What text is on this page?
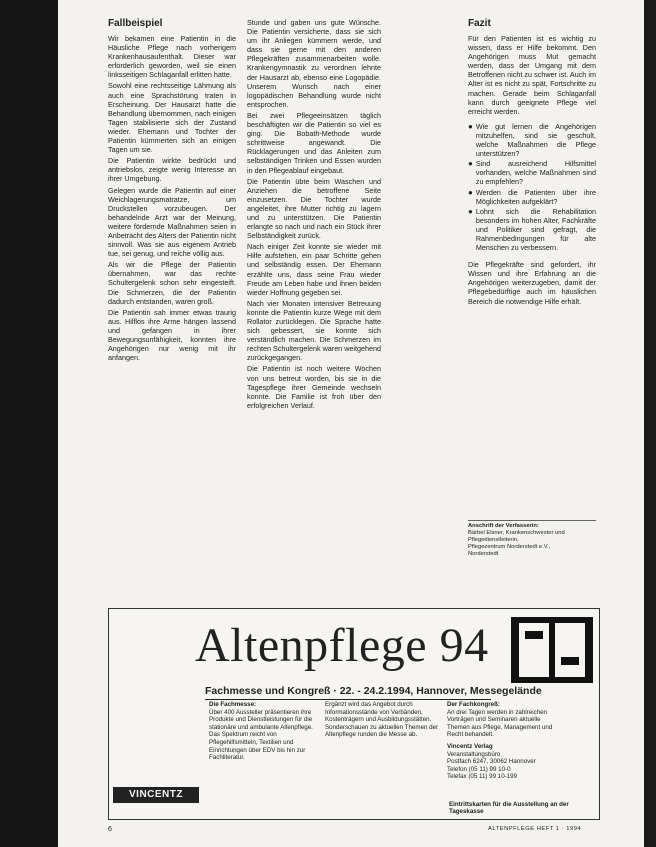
Fallbeispiel

Wir bekamen eine Patientin in die Häusliche Pflege nach vorherigem Krankenhausaufenthalt. Dieser war erforderlich geworden, weil sie einen linksseitigen Schlaganfall erlitten hatte.

Sowohl eine rechtsseitige Lähmung als auch eine Sprachstörung traten in Erscheinung. Der Hausarzt hatte die Behandlung übernommen, nach einigen Tagen stabilisierte sich der Zustand wieder. Ehemann und Tochter der Patientin kümmerten sich an einigen Tagen um sie.

Die Patientin wirkte bedrückt und antriebslos, zeigte wenig Interesse an ihrer Umgebung.

Gelegen wurde die Patientin auf einer Weichlagerungsmatratze, um Druckstellen vorzubeugen. Der behandelnde Arzt war der Meinung, weitere fördernde Maßnahmen seien in Anbetracht des Alters der Patientin nicht sinnvoll. Was sie aus eigenem Antrieb tue, sei genug, und reiche völlig aus.

Als wir die Pflege der Patientin übernahmen, war das rechte Schultergelenk schon sehr eingesteift. Die Schmerzen, die der Patientin dadurch entstanden, waren groß.

Die Patientin sah immer etwas traurig aus. Hilflos ihre Arme hängen lassend und gefangen in ihrer Bewegungsunfähigkeit, konnten ihre Angehörigen nur wenig mit ihr anfangen.

Stunde und gaben uns gute Wünsche. Die Patientin versicherte, dass sie sich um ihr Anliegen kümmern werde, und dass sie gerne mit den anderen Pflegekräften zusammenarbeiten wolle. Krankengymnastik zu verordnen lehnte der Hausarzt ab, ebenso eine Logopädie. Unserem Wunsch nach einer logopädischen Behandlung wurde nicht entsprochen.

Bei zwei Pflegeeinsätzen täglich beschäftigten wir die Patientin so viel es ging. Die Bobath-Methode wurde schrittweise angewandt. Die Rücklagerungen und das Anleiten zum selbständigen Trinken und Essen wurden in den Pflegeablauf eingebaut.

Die Patientin übte beim Waschen und Anziehen die betroffene Seite einzusetzen. Die Tochter wurde angeleitet, ihre Mutter richtig zu lagern und zu unterstützen. Die Patientin erlangte so nach und nach ein Stück ihrer Selbständigkeit zurück.

Nach einiger Zeit konnte sie wieder mit Hilfe aufstehen, ein paar Schritte gehen und selbständig essen. Der Ehemann erzählte uns, dass seine Frau wieder Freude am Leben habe und ihnen beiden wieder Hoffnung gegeben sei.

Nach vier Monaten intensiver Betreuung konnte die Patientin kurze Wege mit dem Rollator zurücklegen. Die Sprache hatte sich gebessert, sie konnte sich verständlich machen. Die Schmerzen im rechten Schultergelenk waren weitgehend zurückgegangen.

Die Patientin ist noch weitere Wochen von uns betreut worden, bis sie in die Tagespflege ihrer Gemeinde wechseln konnte. Die Familie ist froh über den erfolgreichen Verlauf.

Fazit

Für den Patienten ist es wichtig zu wissen, dass er Hilfe bekommt. Den Angehörigen muss Mut gemacht werden, dass der Umgang mit dem Betroffenen nicht zu schwer ist. Auch im Alter ist es nicht zu spät, Fortschritte zu machen. Gerade beim Schlaganfall kann durch geeignete Pflege viel erreicht werden.

● Wie gut lernen die Angehörigen mitzuhelfen, sind sie geschult, welche Maßnahmen die Pflege unterstützen?
● Sind ausreichend Hilfsmittel vorhanden, welche Maßnahmen sind zu empfehlen?
● Werden die Patienten über ihre Möglichkeiten aufgeklärt?
● Lohnt sich die Rehabilitation besonders im hohen Alter, Fachkräfte und Politiker sind gefragt, die Rahmenbedingungen für alte Menschen zu verbessern.

Die Pflegekräfte sind gefordert, ihr Wissen und ihre Erfahrung an die Angehörigen weiterzugeben, damit der Pflegebedürftige auch im häuslichen Bereich die notwendige Hilfe erhält.

Anschrift der Verfasserin:
Bärbel Elsner, Krankenschwester und Pflegedienstleiterin,
Pflegezentrum Norderstedt e.V.,
Norderstedt
Altenpflege 94
Fachmesse und Kongreß · 22. - 24.2.1994, Hannover, Messegelände
Die Fachmesse:
Über 400 Aussteller präsentieren ihre Produkte und Dienstleistungen für die stationäre und ambulante Altenpflege. Das Spektrum reicht von Pflegehilfsmitteln, Textilien und Einrichtungen über EDV bis hin zur Fachliteratur.
Ergänzt wird das Angebot durch Informationsstände von Verbänden, Kostenträgern und Ausbildungsstätten. Sonderschauen zu aktuellen Themen der Altenpflege runden die Messe ab.
Der Fachkongreß:
An drei Tagen werden in zahlreichen Vorträgen und Seminaren aktuelle Themen aus Pflege, Management und Recht behandelt.
Vincentz Verlag
Veranstaltungsbüro
Postfach 6247, 30062 Hannover
Telefon (05 11) 99 10-0
Telefax (05 11) 99 10-199
Eintrittskarten für die Ausstellung an der Tageskasse
VINCENTZ
6	ALTENPFLEGE HEFT 1 · 1994
